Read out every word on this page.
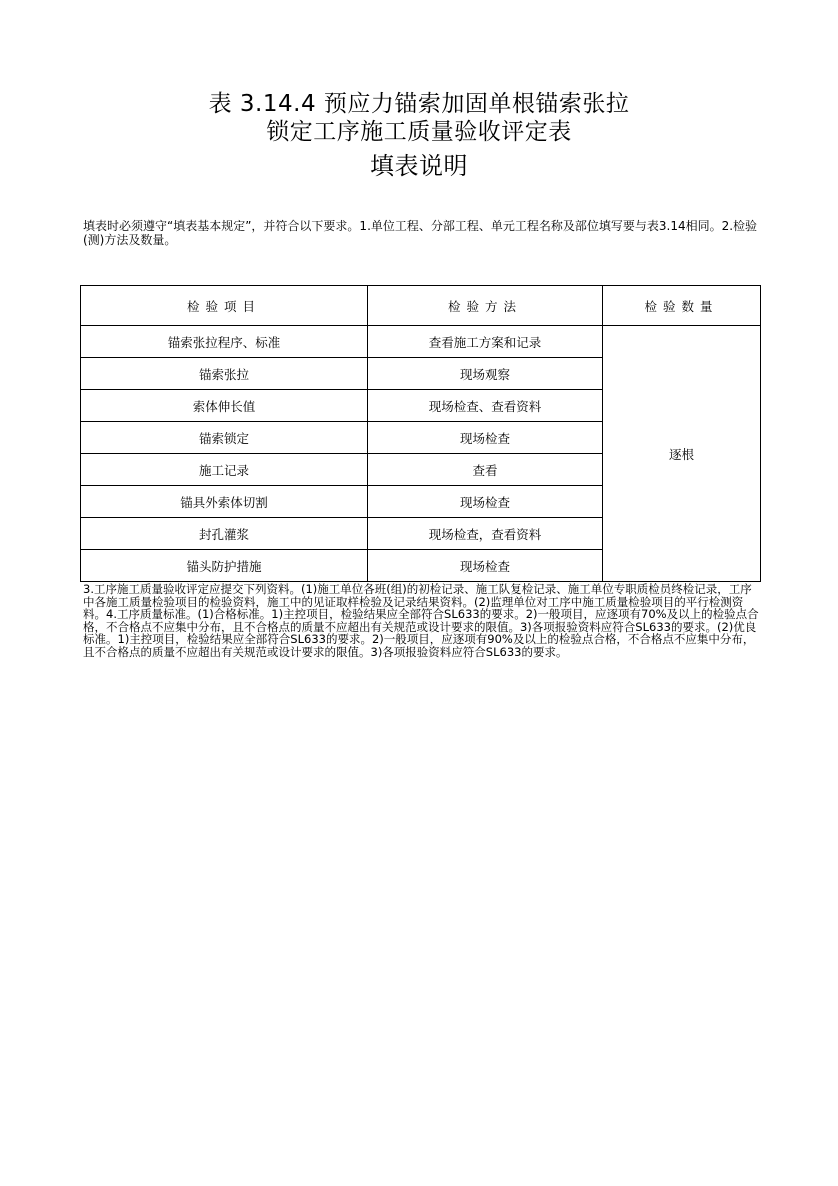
表 3.14.4 预应力锚索加固单根锚索张拉
锁定工序施工质量验收评定表
填表说明
填表时必须遵守“填表基本规定”，并符合以下要求。1.单位工程、分部工程、单元工程名称及部位填写要与表3.14相同。2.检验(测)方法及数量。
检验项目	检验方法	检验数量
锚索张拉程序、标准	查看施工方案和记录	逐根
锚索张拉	现场观察	
索体伸长值	现场检查、查看资料	
锚索锁定	现场检查	
施工记录	查看	
锚具外索体切割	现场检查	
封孔灌浆	现场检查，查看资料	
锚头防护措施	现场检查	
3.工序施工质量验收评定应提交下列资料。(1)施工单位各班(组)的初检记录、施工队复检记录、施工单位专职质检员终检记录，工序中各施工质量检验项目的检验资料，施工中的见证取样检验及记录结果资料。(2)监理单位对工序中施工质量检验项目的平行检测资料。4.工序质量标准。(1)合格标准。1)主控项目，检验结果应全部符合SL633的要求。2)一般项目，应逐项有70%及以上的检验点合格，不合格点不应集中分布，且不合格点的质量不应超出有关规范或设计要求的限值。3)各项报验资料应符合SL633的要求。(2)优良标准。1)主控项目，检验结果应全部符合SL633的要求。2)一般项目，应逐项有90%及以上的检验点合格，不合格点不应集中分布，且不合格点的质量不应超出有关规范或设计要求的限值。3)各项报验资料应符合SL633的要求。
